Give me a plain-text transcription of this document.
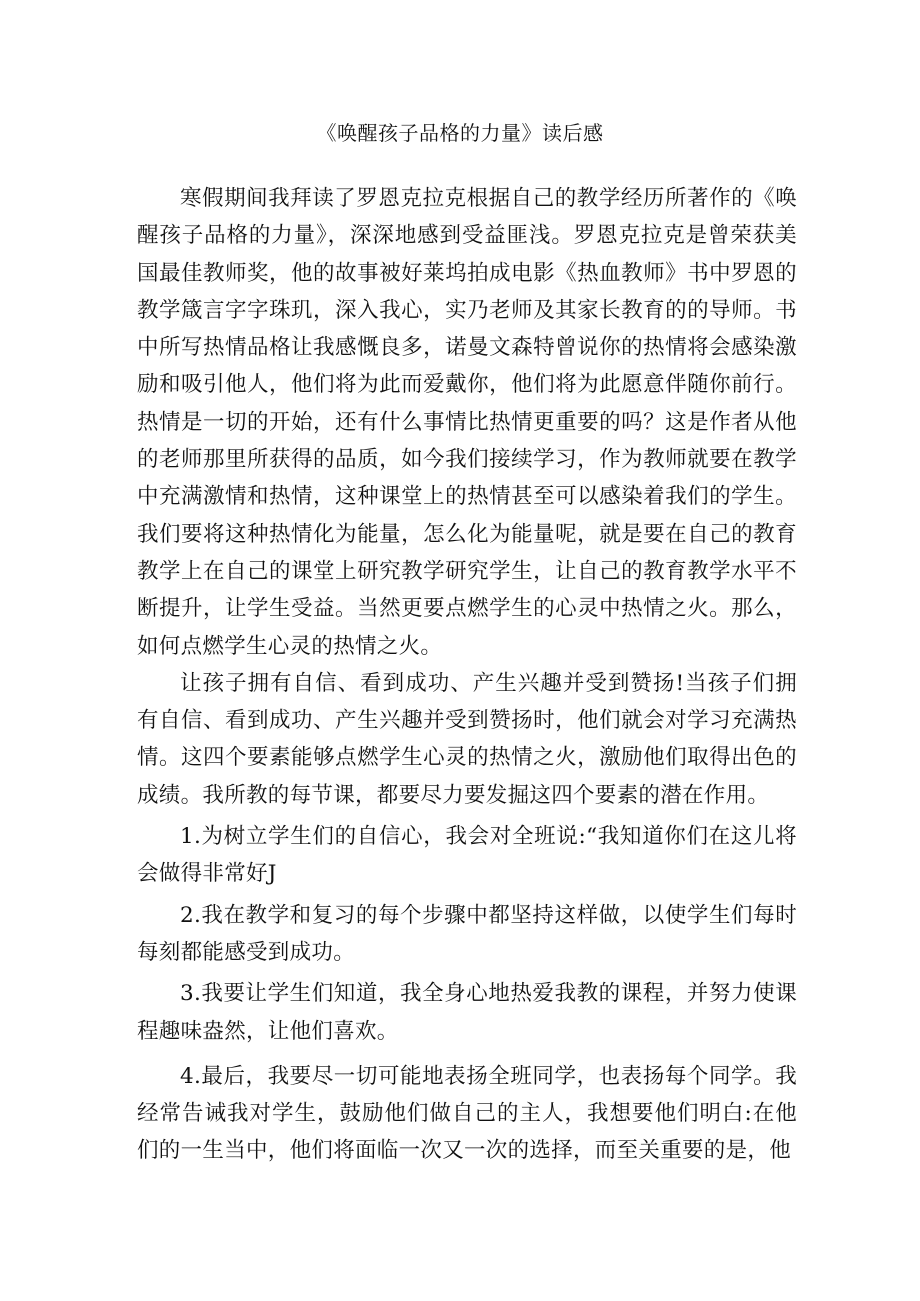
《唤醒孩子品格的力量》读后感

寒假期间我拜读了罗恩克拉克根据自己的教学经历所著作的《唤醒孩子品格的力量》，深深地感到受益匪浅。罗恩克拉克是曾荣获美国最佳教师奖，他的故事被好莱坞拍成电影《热血教师》书中罗恩的教学箴言字字珠玑，深入我心，实乃老师及其家长教育的的导师。书中所写热情品格让我感慨良多，诺曼文森特曾说你的热情将会感染激励和吸引他人，他们将为此而爱戴你，他们将为此愿意伴随你前行。热情是一切的开始，还有什么事情比热情更重要的吗？这是作者从他的老师那里所获得的品质，如今我们接续学习，作为教师就要在教学中充满激情和热情，这种课堂上的热情甚至可以感染着我们的学生。我们要将这种热情化为能量，怎么化为能量呢，就是要在自己的教育教学上在自己的课堂上研究教学研究学生，让自己的教育教学水平不断提升，让学生受益。当然更要点燃学生的心灵中热情之火。那么，如何点燃学生心灵的热情之火。

让孩子拥有自信、看到成功、产生兴趣并受到赞扬!当孩子们拥有自信、看到成功、产生兴趣并受到赞扬时，他们就会对学习充满热情。这四个要素能够点燃学生心灵的热情之火，激励他们取得出色的成绩。我所教的每节课，都要尽力要发掘这四个要素的潜在作用。

1.为树立学生们的自信心，我会对全班说:“我知道你们在这儿将会做得非常好J

2.我在教学和复习的每个步骤中都坚持这样做，以使学生们每时每刻都能感受到成功。

3.我要让学生们知道，我全身心地热爱我教的课程，并努力使课程趣味盎然，让他们喜欢。

4.最后，我要尽一切可能地表扬全班同学，也表扬每个同学。我经常告诫我对学生，鼓励他们做自己的主人，我想要他们明白:在他们的一生当中，他们将面临一次又一次的选择，而至关重要的是，他
